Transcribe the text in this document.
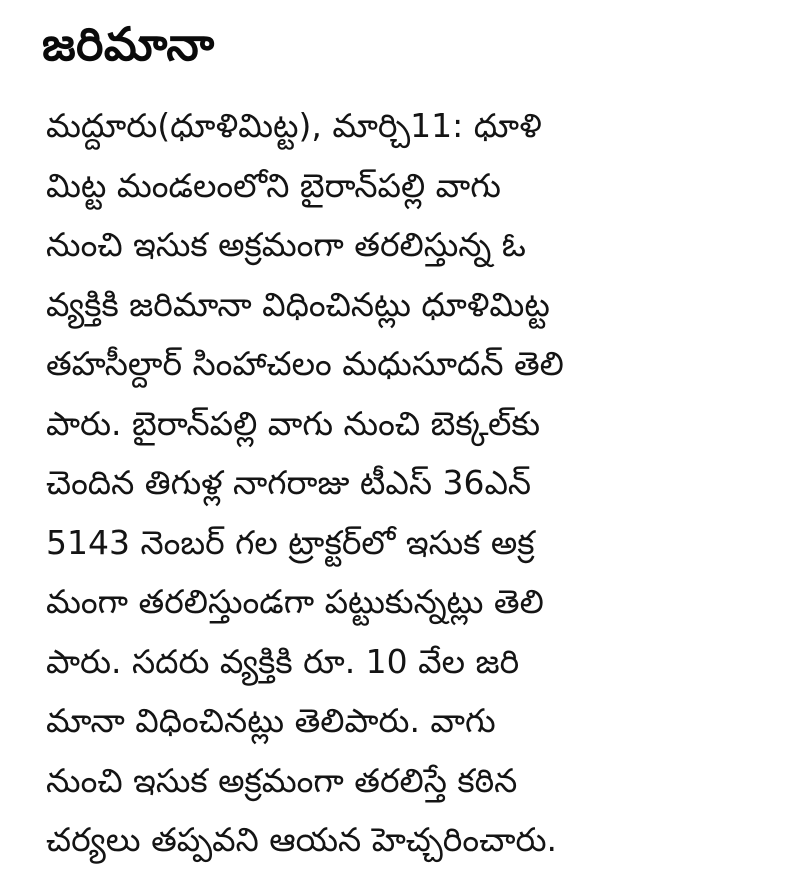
జరిమానా
మద్దూరు(ధూళిమిట్ట), మార్చి11: ధూళి
మిట్ట మండలంలోని బైరాన్‌పల్లి వాగు
నుంచి ఇసుక అక్రమంగా తరలిస్తున్న ఓ
వ్యక్తికి జరిమానా విధించినట్లు ధూళిమిట్ట
తహసీల్దార్ సింహాచలం మధుసూదన్ తెలి
పారు. బైరాన్‌పల్లి వాగు నుంచి బెక్కల్‌కు
చెందిన తిగుళ్ల నాగరాజు టీఎస్ 36ఎన్
5143 నెంబర్ గల ట్రాక్టర్‌లో ఇసుక అక్ర
మంగా తరలిస్తుండగా పట్టుకున్నట్లు తెలి
పారు. సదరు వ్యక్తికి రూ. 10 వేల జరి
మానా విధించినట్లు తెలిపారు. వాగు
నుంచి ఇసుక అక్రమంగా తరలిస్తే కఠిన
చర్యలు తప్పవని ఆయన హెచ్చరించారు.
